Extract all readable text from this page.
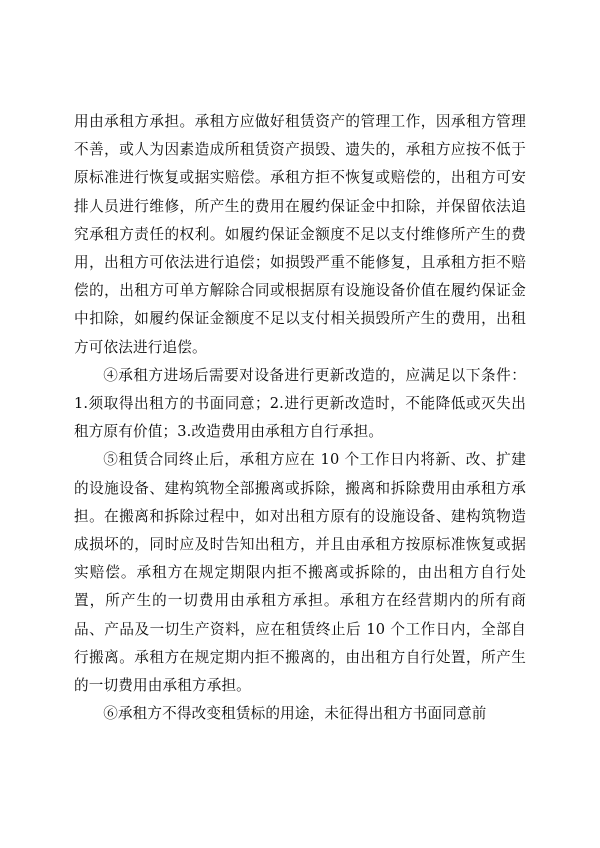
用由承租方承担。承租方应做好租赁资产的管理工作，因承租方管理不善，或人为因素造成所租赁资产损毁、遗失的，承租方应按不低于原标准进行恢复或据实赔偿。承租方拒不恢复或赔偿的，出租方可安排人员进行维修，所产生的费用在履约保证金中扣除，并保留依法追究承租方责任的权利。如履约保证金额度不足以支付维修所产生的费用，出租方可依法进行追偿；如损毁严重不能修复，且承租方拒不赔偿的，出租方可单方解除合同或根据原有设施设备价值在履约保证金中扣除，如履约保证金额度不足以支付相关损毁所产生的费用，出租方可依法进行追偿。

④承租方进场后需要对设备进行更新改造的，应满足以下条件：1.须取得出租方的书面同意；2.进行更新改造时，不能降低或灭失出租方原有价值；3.改造费用由承租方自行承担。

⑤租赁合同终止后，承租方应在 10 个工作日内将新、改、扩建的设施设备、建构筑物全部搬离或拆除，搬离和拆除费用由承租方承担。在搬离和拆除过程中，如对出租方原有的设施设备、建构筑物造成损坏的，同时应及时告知出租方，并且由承租方按原标准恢复或据实赔偿。承租方在规定期限内拒不搬离或拆除的，由出租方自行处置，所产生的一切费用由承租方承担。承租方在经营期内的所有商品、产品及一切生产资料，应在租赁终止后 10 个工作日内，全部自行搬离。承租方在规定期内拒不搬离的，由出租方自行处置，所产生的一切费用由承租方承担。

⑥承租方不得改变租赁标的用途，未征得出租方书面同意前
